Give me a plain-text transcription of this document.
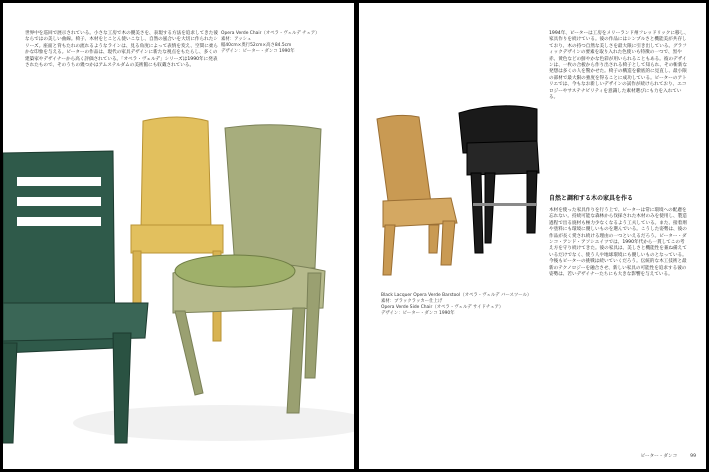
世界中を巡回で展示されている。小さな工房で木の優美さを、表現する方法を追求してきた彼ならではの美しい曲線。椅子、木材をとことん使いこなし、自然の風合いを大切に作られたシリーズ。座面と背もたれの流れるようなラインは、見る角度によって表情を変え、空間に柔らかな印象を与える。ピーターの作品は、現代の家具デザインに新たな視点をもたらし、多くの建築家やデザイナーから高く評価されている。「オペラ・ヴェルデ」シリーズは1990年に発表されたもので、そのうちの幾つかはアムステルダムの美術館にも収蔵されている。

Opera Verde Chair（オペラ・ヴェルデ チェア）
素材：アッシュ
幅40cm×奥行52cm×高さ84.5cm
デザイン：ピーター・ダンコ 1990年

1994年、ピーターは工房をメリーランド州フレッドリックに移し、家具作りを続けている。彼の作品にはシンプルさと機能美が共存しており、木の持つ自然な美しさを最大限に引き出している。グラフィックデザインの要素を取り入れた色使いも特徴の一つで、黒や赤、黄色などの鮮やかな色彩が用いられることもある。彼のデザインは、一枚の合板から作り出される椅子として知られ、その斬新な発想は多くの人を驚かせた。椅子の構造を徹底的に見直し、最小限の部材で最大限の強度を得ることに成功している。ピーターのアトリエでは、今もなお新しいデザインの試作が続けられており、エコロジーやサステナビリティを意識した素材選びにも力を入れている。

Black Lacquer Opera Verde Barstool（オペラ・ヴェルデ バースツール）
素材：ブラックラッカー仕上げ
Opera Verde Side Chair（オペラ・ヴェルデ サイドチェア）
デザイン：ピーター・ダンコ 1990年
自然と調和する木の家具を作る

木材を使った家具作りを行う上で、ピーターは常に環境への配慮を忘れない。持続可能な森林から伐採された木材のみを使用し、製造過程で出る廃材も極力少なくなるよう工夫している。また、接着剤や塗料にも環境に優しいものを選んでいる。こうした姿勢は、彼の作品が長く愛され続ける理由の一つといえるだろう。ピーター・ダンコ・アンド・アソシエイツでは、1990年代から一貫してこの考え方を守り続けてきた。彼の家具は、美しさと機能性を兼ね備えているだけでなく、使う人や地球環境にも優しいものとなっている。今後もピーターの挑戦は続いていくだろう。伝統的な木工技術と最新のテクノロジーを融合させ、新しい家具の可能性を追求する彼の姿勢は、若いデザイナーたちにも大きな影響を与えている。

ピーター・ダンコ	99
